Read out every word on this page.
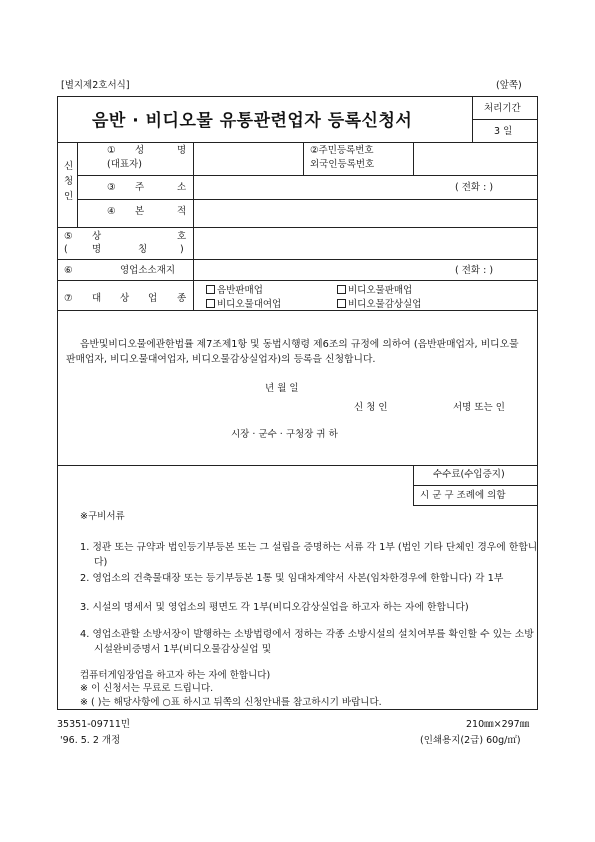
[별지제2호서식]	(앞쪽)
음반 · 비디오물 유통관련업자 등록신청서
처리기간
3 일
신
청
인
① 성	명
(대표자)
②주민등록번호
외국인등록번호
③ 주	소	( 전화 : )
④ 본	적
⑤ 상	호
(	명	칭	)
⑥	영업소소재지	( 전화 : )
⑦ 대 상 업 종
음반판매업	비디오물판매업
비디오물대여업	비디오물감상실업
음반및비디오물에관한법률 제7조제1항 및 동법시행령 제6조의 규정에 의하여 (음반판매업자, 비디오물판매업자, 비디오물대여업자, 비디오물감상실업자)의 등록을 신청합니다.
년 월 일
신 청 인	서명 또는 인
시장 · 군수 · 구청장 귀 하
수수료(수입증지)
시 군 구 조례에 의함
※구비서류
1. 정관 또는 규약과 법인등기부등본 또는 그 설립을 증명하는 서류 각 1부 (법인 기타 단체인 경우에 한합니다)
2. 영업소의 건축물대장 또는 등기부등본 1통 및 임대차계약서 사본(임차한경우에 한합니다) 각 1부
3. 시설의 명세서 및 영업소의 평면도 각 1부(비디오감상실업을 하고자 하는 자에 한합니다)
4. 영업소관할 소방서장이 발행하는 소방법령에서 정하는 각종 소방시설의 설치여부를 확인할 수 있는 소방시설완비증명서 1부(비디오물감상실업 및
컴퓨터게임장업을 하고자 하는 자에 한합니다)
※ 이 신청서는 무료로 드립니다.
※ ( )는 해당사항에 ○표 하시고 뒤쪽의 신청안내를 참고하시기 바랍니다.
35351-09711민
'96. 5. 2 개정
210㎜×297㎜
(인쇄용지(2급) 60g/㎡)
